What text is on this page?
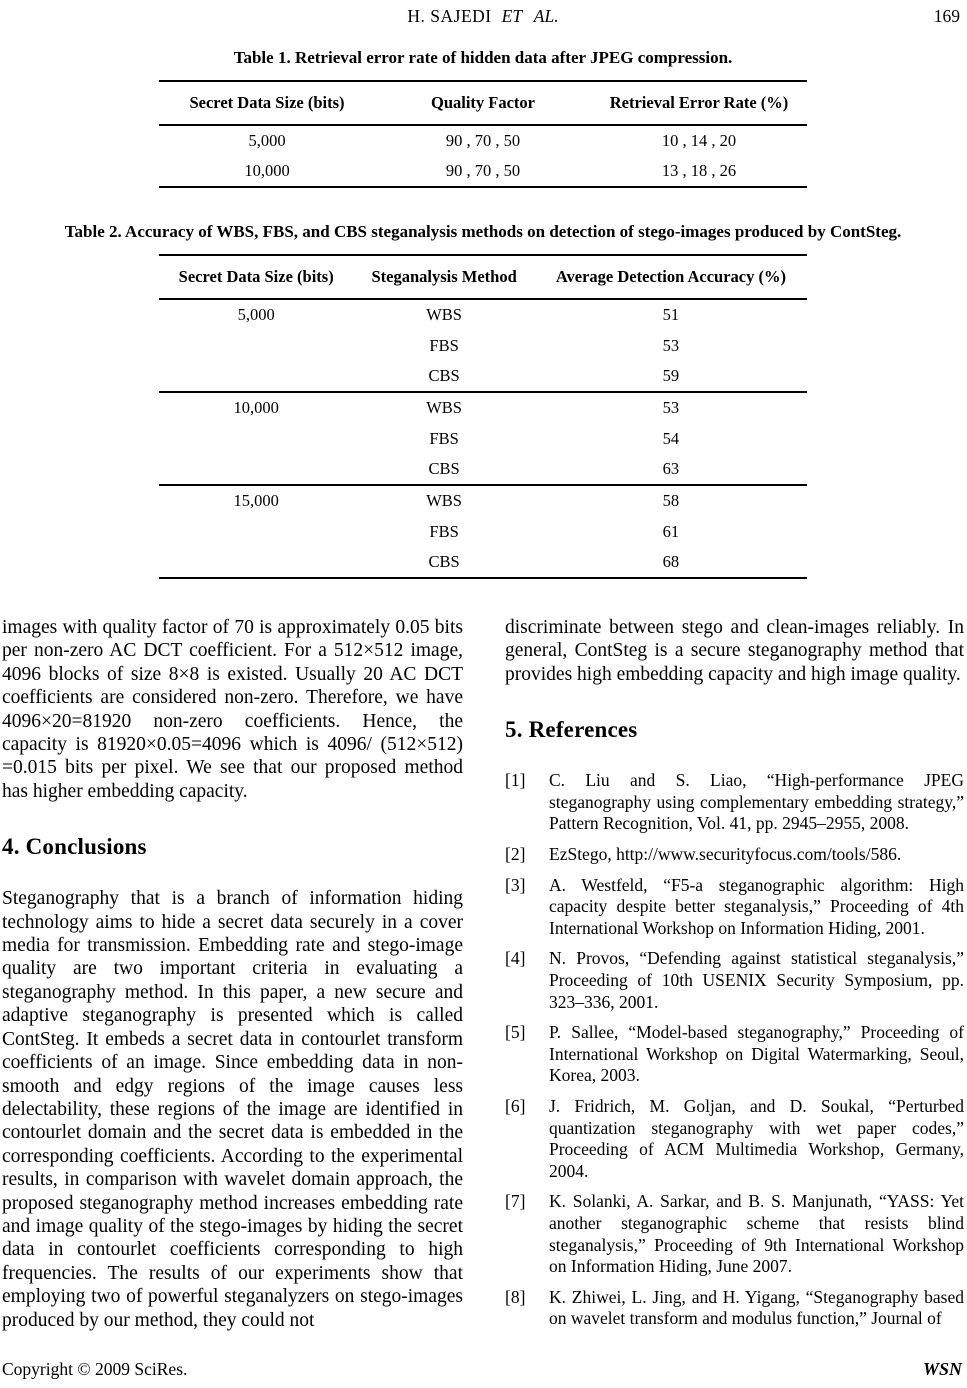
H. SAJEDI ET AL.	169
Table 1. Retrieval error rate of hidden data after JPEG compression.
Secret Data Size (bits)	Quality Factor	Retrieval Error Rate (%)
5,000	90 , 70 , 50	10 , 14 , 20
10,000	90 , 70 , 50	13 , 18 , 26
Table 2. Accuracy of WBS, FBS, and CBS steganalysis methods on detection of stego-images produced by ContSteg.
Secret Data Size (bits)	Steganalysis Method	Average Detection Accuracy (%)
5,000	WBS	51
	FBS	53
	CBS	59
10,000	WBS	53
	FBS	54
	CBS	63
15,000	WBS	58
	FBS	61
	CBS	68

images with quality factor of 70 is approximately 0.05 bits per non-zero AC DCT coefficient. For a 512×512 image, 4096 blocks of size 8×8 is existed. Usually 20 AC DCT coefficients are considered non-zero. Therefore, we have 4096×20=81920 non-zero coefficients. Hence, the capacity is 81920×0.05=4096 which is 4096/ (512×512) =0.015 bits per pixel. We see that our proposed method has higher embedding capacity.

4. Conclusions

Steganography that is a branch of information hiding technology aims to hide a secret data securely in a cover media for transmission. Embedding rate and stego-image quality are two important criteria in evaluating a steganography method. In this paper, a new secure and adaptive steganography is presented which is called ContSteg. It embeds a secret data in contourlet transform coefficients of an image. Since embedding data in non-smooth and edgy regions of the image causes less delectability, these regions of the image are identified in contourlet domain and the secret data is embedded in the corresponding coefficients. According to the experimental results, in comparison with wavelet domain approach, the proposed steganography method increases embedding rate and image quality of the stego-images by hiding the secret data in contourlet coefficients corresponding to high frequencies. The results of our experiments show that employing two of powerful steganalyzers on stego-images produced by our method, they could not

discriminate between stego and clean-images reliably. In general, ContSteg is a secure steganography method that provides high embedding capacity and high image quality.

5. References
[1]	C. Liu and S. Liao, “High-performance JPEG steganography using complementary embedding strategy,” Pattern Recognition, Vol. 41, pp. 2945–2955, 2008.
[2]	EzStego, http://www.securityfocus.com/tools/586.
[3]	A. Westfeld, “F5-a steganographic algorithm: High capacity despite better steganalysis,” Proceeding of 4th International Workshop on Information Hiding, 2001.
[4]	N. Provos, “Defending against statistical steganalysis,” Proceeding of 10th USENIX Security Symposium, pp. 323–336, 2001.
[5]	P. Sallee, “Model-based steganography,” Proceeding of International Workshop on Digital Watermarking, Seoul, Korea, 2003.
[6]	J. Fridrich, M. Goljan, and D. Soukal, “Perturbed quantization steganography with wet paper codes,” Proceeding of ACM Multimedia Workshop, Germany, 2004.
[7]	K. Solanki, A. Sarkar, and B. S. Manjunath, “YASS: Yet another steganographic scheme that resists blind steganalysis,” Proceeding of 9th International Workshop on Information Hiding, June 2007.
[8]	K. Zhiwei, L. Jing, and H. Yigang, “Steganography based on wavelet transform and modulus function,” Journal of
Copyright © 2009 SciRes.	WSN
